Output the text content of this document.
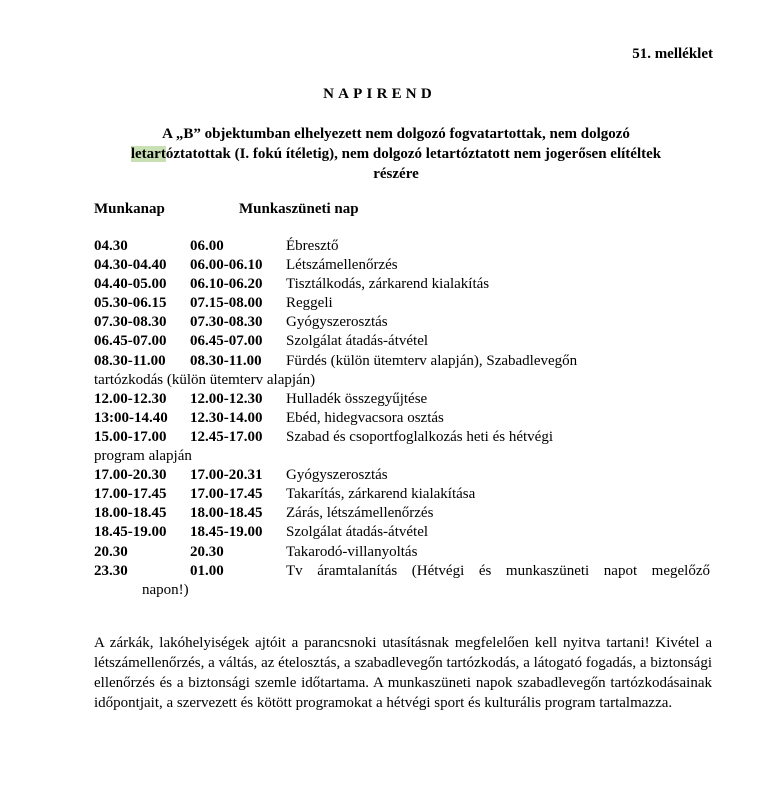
51. melléklet
NAPIREND
A „B” objektumban elhelyezett nem dolgozó fogvatartottak, nem dolgozó
letartóztatottak (I. fokú ítéletig), nem dolgozó letartóztatott nem jogerősen elítéltek
részére
Munkanap	Munkaszüneti nap
04.30	06.00	Ébresztő
04.30-04.40 06.00-06.10 Létszámellenőrzés
04.40-05.00 06.10-06.20 Tisztálkodás, zárkarend kialakítás
05.30-06.15 07.15-08.00 Reggeli
07.30-08.30 07.30-08.30 Gyógyszerosztás
06.45-07.00 06.45-07.00 Szolgálat átadás-átvétel
08.30-11.00 08.30-11.00 Fürdés (külön ütemterv alapján), Szabadlevegőn
tartózkodás (külön ütemterv alapján)
12.00-12.30 12.00-12.30 Hulladék összegyűjtése
13:00-14.40 12.30-14.00 Ebéd, hidegvacsora osztás
15.00-17.00 12.45-17.00 Szabad és csoportfoglalkozás heti és hétvégi
program alapján
17.00-20.30 17.00-20.31 Gyógyszerosztás
17.00-17.45 17.00-17.45 Takarítás, zárkarend kialakítása
18.00-18.45 18.00-18.45 Zárás, létszámellenőrzés
18.45-19.00 18.45-19.00 Szolgálat átadás-átvétel
20.30	20.30	Takarodó-villanyoltás
23.30	01.00	Tv áramtalanítás (Hétvégi és munkaszüneti napot megelőző
napon!)
A zárkák, lakóhelyiségek ajtóit a parancsnoki utasításnak megfelelően kell nyitva tartani! Kivétel a létszámellenőrzés, a váltás, az ételosztás, a szabadlevegőn tartózkodás, a látogató fogadás, a biztonsági ellenőrzés és a biztonsági szemle időtartama. A munkaszüneti napok szabadlevegőn tartózkodásainak időpontjait, a szervezett és kötött programokat a hétvégi sport és kulturális program tartalmazza.
